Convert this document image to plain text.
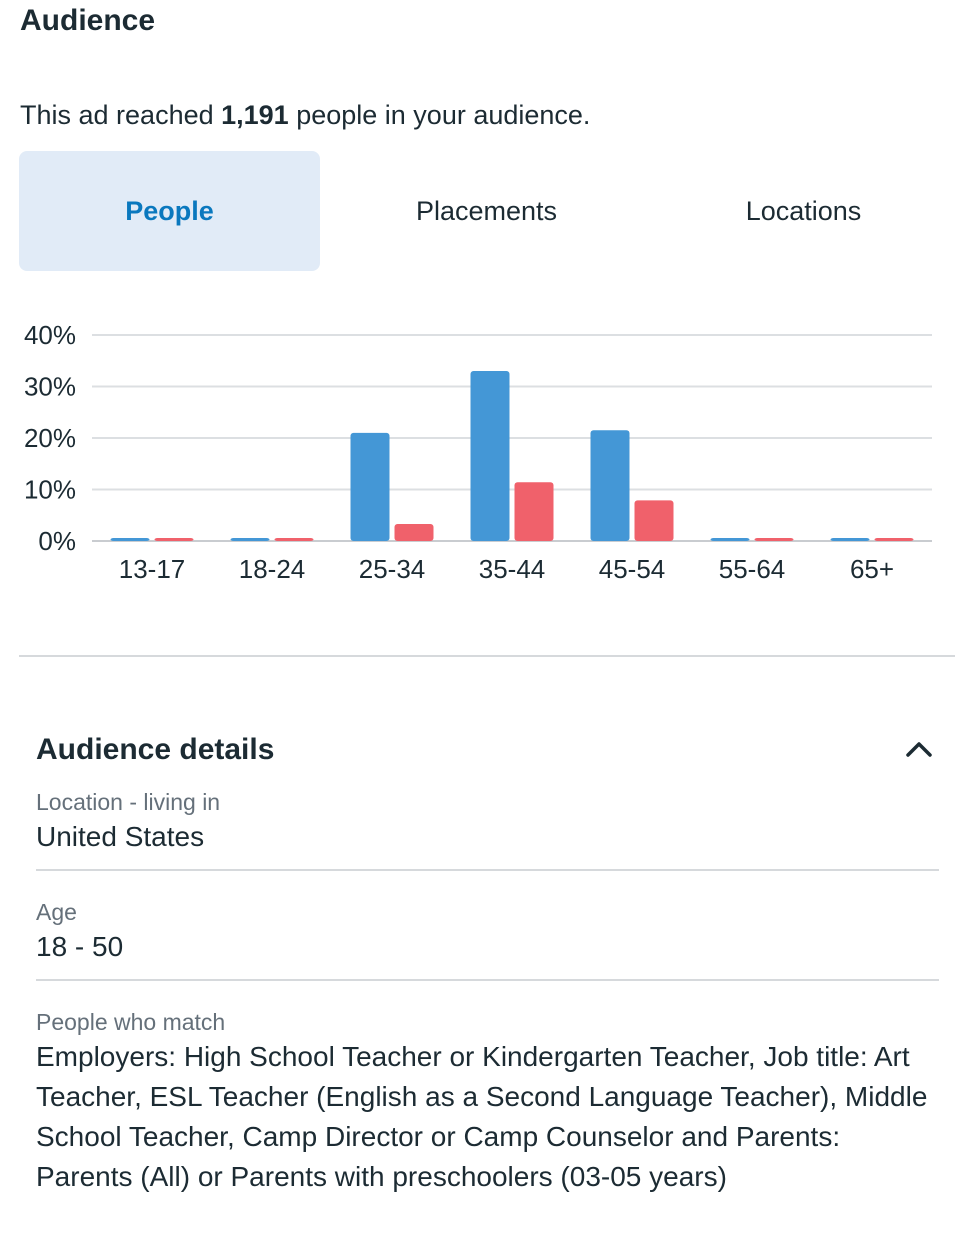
Audience
This ad reached 1,191 people in your audience.
People	Placements	Locations
0%
10%
20%
30%
40%
13-17 18-24 25-34 35-44 45-54 55-64 65+
Audience details
Location - living in
United States
Age
18 - 50
People who match
Employers: High School Teacher or Kindergarten Teacher, Job title: Art Teacher, ESL Teacher (English as a Second Language Teacher), Middle School Teacher, Camp Director or Camp Counselor and Parents: Parents (All) or Parents with preschoolers (03-05 years)
